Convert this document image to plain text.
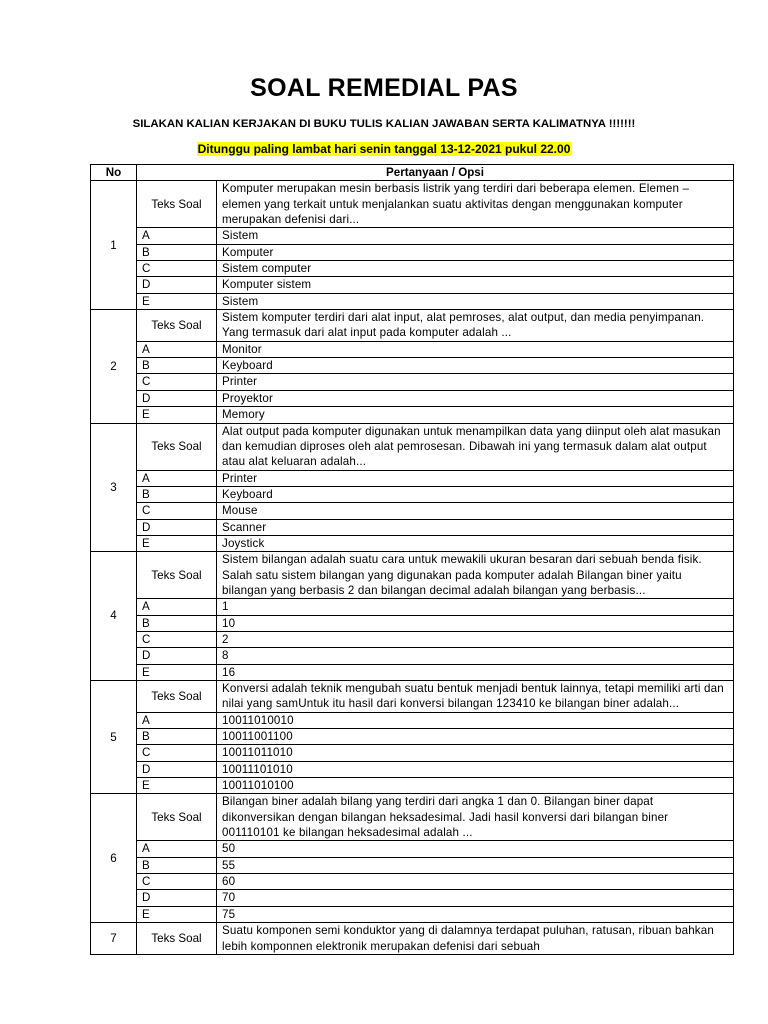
SOAL REMEDIAL PAS
SILAKAN KALIAN KERJAKAN DI BUKU TULIS KALIAN JAWABAN SERTA KALIMATNYA !!!!!!!
Ditunggu paling lambat hari senin tanggal 13-12-2021 pukul 22.00
No	Pertanyaan / Opsi	
1	Teks Soal	Komputer merupakan mesin berbasis listrik yang terdiri dari beberapa elemen. Elemen – elemen yang terkait untuk menjalankan suatu aktivitas dengan menggunakan komputer merupakan defenisi dari...
	A	Sistem
	B	Komputer
	C	Sistem computer
	D	Komputer sistem
	E	Sistem
2	Teks Soal	Sistem komputer terdiri dari alat input, alat pemroses, alat output, dan media penyimpanan. Yang termasuk dari alat input pada komputer adalah ...
	A	Monitor
	B	Keyboard
	C	Printer
	D	Proyektor
	E	Memory
3	Teks Soal	Alat output pada komputer digunakan untuk menampilkan data yang diinput oleh alat masukan dan kemudian diproses oleh alat pemrosesan. Dibawah ini yang termasuk dalam alat output atau alat keluaran adalah...
	A	Printer
	B	Keyboard
	C	Mouse
	D	Scanner
	E	Joystick
4	Teks Soal	Sistem bilangan adalah suatu cara untuk mewakili ukuran besaran dari sebuah benda fisik. Salah satu sistem bilangan yang digunakan pada komputer adalah Bilangan biner yaitu bilangan yang berbasis 2 dan bilangan decimal adalah bilangan yang berbasis...
	A	1
	B	10
	C	2
	D	8
	E	16
5	Teks Soal	Konversi adalah teknik mengubah suatu bentuk menjadi bentuk lainnya, tetapi memiliki arti dan nilai yang samUntuk itu hasil dari konversi bilangan 123410 ke bilangan biner adalah...
	A	10011010010
	B	10011001100
	C	10011011010
	D	10011101010
	E	10011010100
6	Teks Soal	Bilangan biner adalah bilang yang terdiri dari angka 1 dan 0. Bilangan biner dapat dikonversikan dengan bilangan heksadesimal. Jadi hasil konversi dari bilangan biner 001110101 ke bilangan heksadesimal adalah ...
	A	50
	B	55
	C	60
	D	70
	E	75
7	Teks Soal	Suatu komponen semi konduktor yang di dalamnya terdapat puluhan, ratusan, ribuan bahkan lebih komponnen elektronik merupakan defenisi dari sebuah
